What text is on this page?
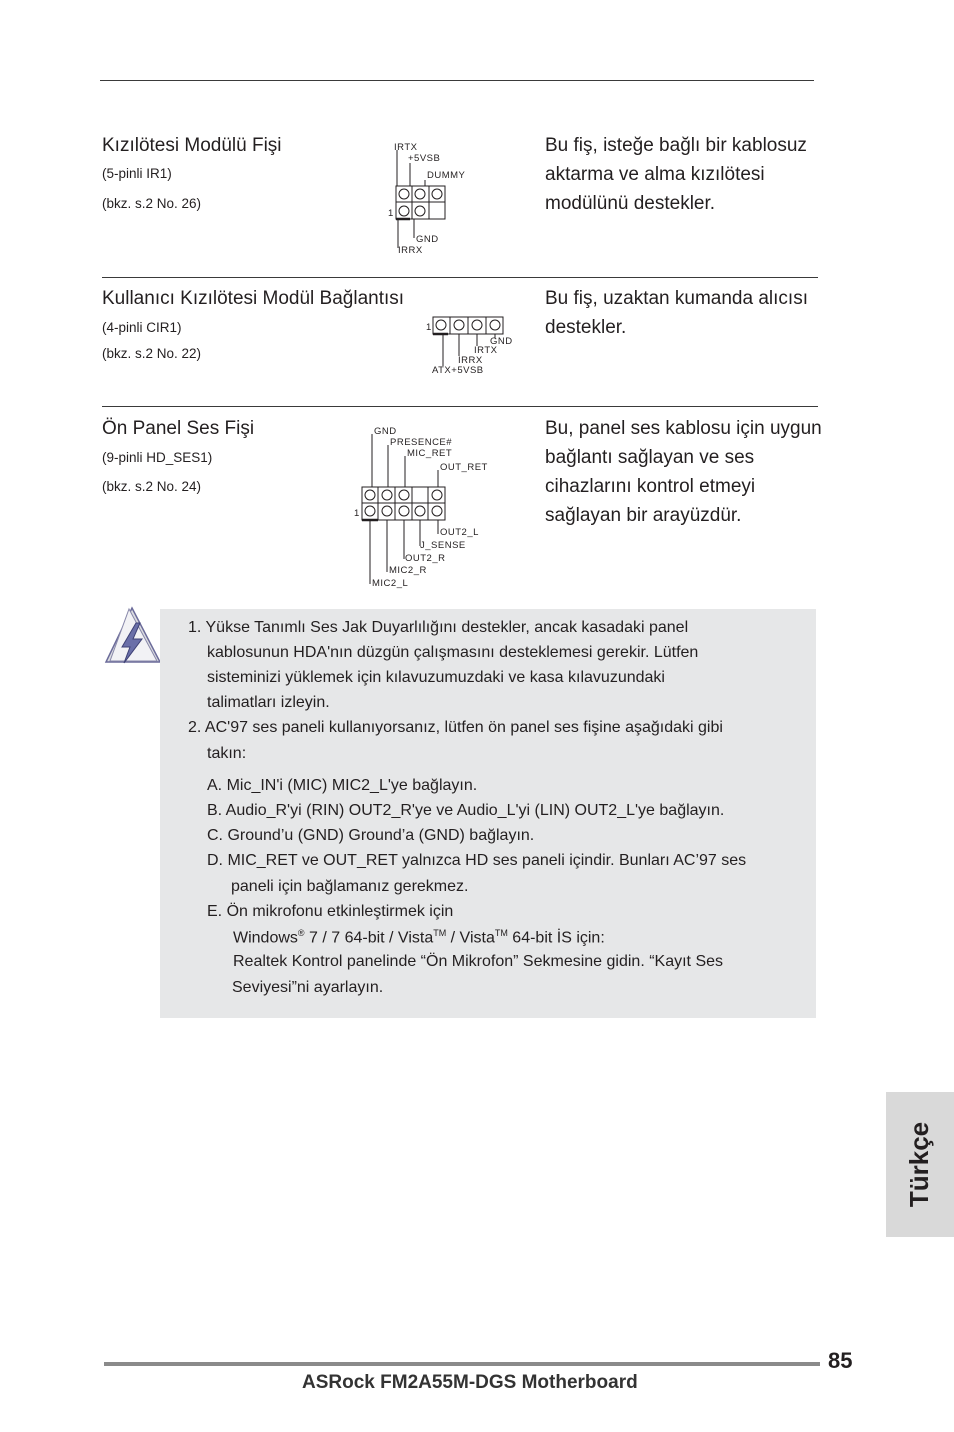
Kızılötesi Modülü Fişi
(5-pinli IR1)
(bkz. s.2 No. 26)
Bu fiş, isteğe bağlı bir kablosuz aktarma ve alma kızılötesi modülünü destekler.
IRTX
+5VSB
DUMMY
1
GND
IRRX
Kullanıcı Kızılötesi Modül Bağlantısı
(4-pinli CIR1)
(bkz. s.2 No. 22)
Bu fiş, uzaktan kumanda alıcısı destekler.
1
GND
IRTX
IRRX
ATX+5VSB
Ön Panel Ses Fişi
(9-pinli HD_SES1)
(bkz. s.2 No. 24)
Bu, panel ses kablosu için uygun bağlantı sağlayan ve ses cihazlarını kontrol etmeyi sağlayan bir arayüzdür.
GND
PRESENCE#
MIC_RET
OUT_RET
1
OUT2_L
J_SENSE
OUT2_R
MIC2_R
MIC2_L
1. Yükse Tanımlı Ses Jak Duyarlılığını destekler, ancak kasadaki panel
kablosunun HDA'nın düzgün çalışmasını desteklemesi gerekir. Lütfen
sisteminizi yüklemek için kılavuzumuzdaki ve kasa kılavuzundaki
talimatları izleyin.
2. AC'97 ses paneli kullanıyorsanız, lütfen ön panel ses fişine aşağıdaki gibi
takın:
A. Mic_IN'i (MIC) MIC2_L'ye bağlayın.
B. Audio_R'yi (RIN) OUT2_R'ye ve Audio_L'yi (LIN) OUT2_L'ye bağlayın.
C. Ground’u (GND) Ground’a (GND) bağlayın.
D. MIC_RET ve OUT_RET yalnızca HD ses paneli içindir. Bunları AC’97 ses
paneli için bağlamanız gerekmez.
E. Ön mikrofonu etkinleştirmek için
Windows® 7 / 7 64-bit / Vista™ / Vista™ 64-bit İS için:
Realtek Kontrol panelinde “Ön Mikrofon” Sekmesine gidin. “Kayıt Ses
Seviyesi”ni ayarlayın.
Türkçe
85
ASRock FM2A55M-DGS Motherboard
